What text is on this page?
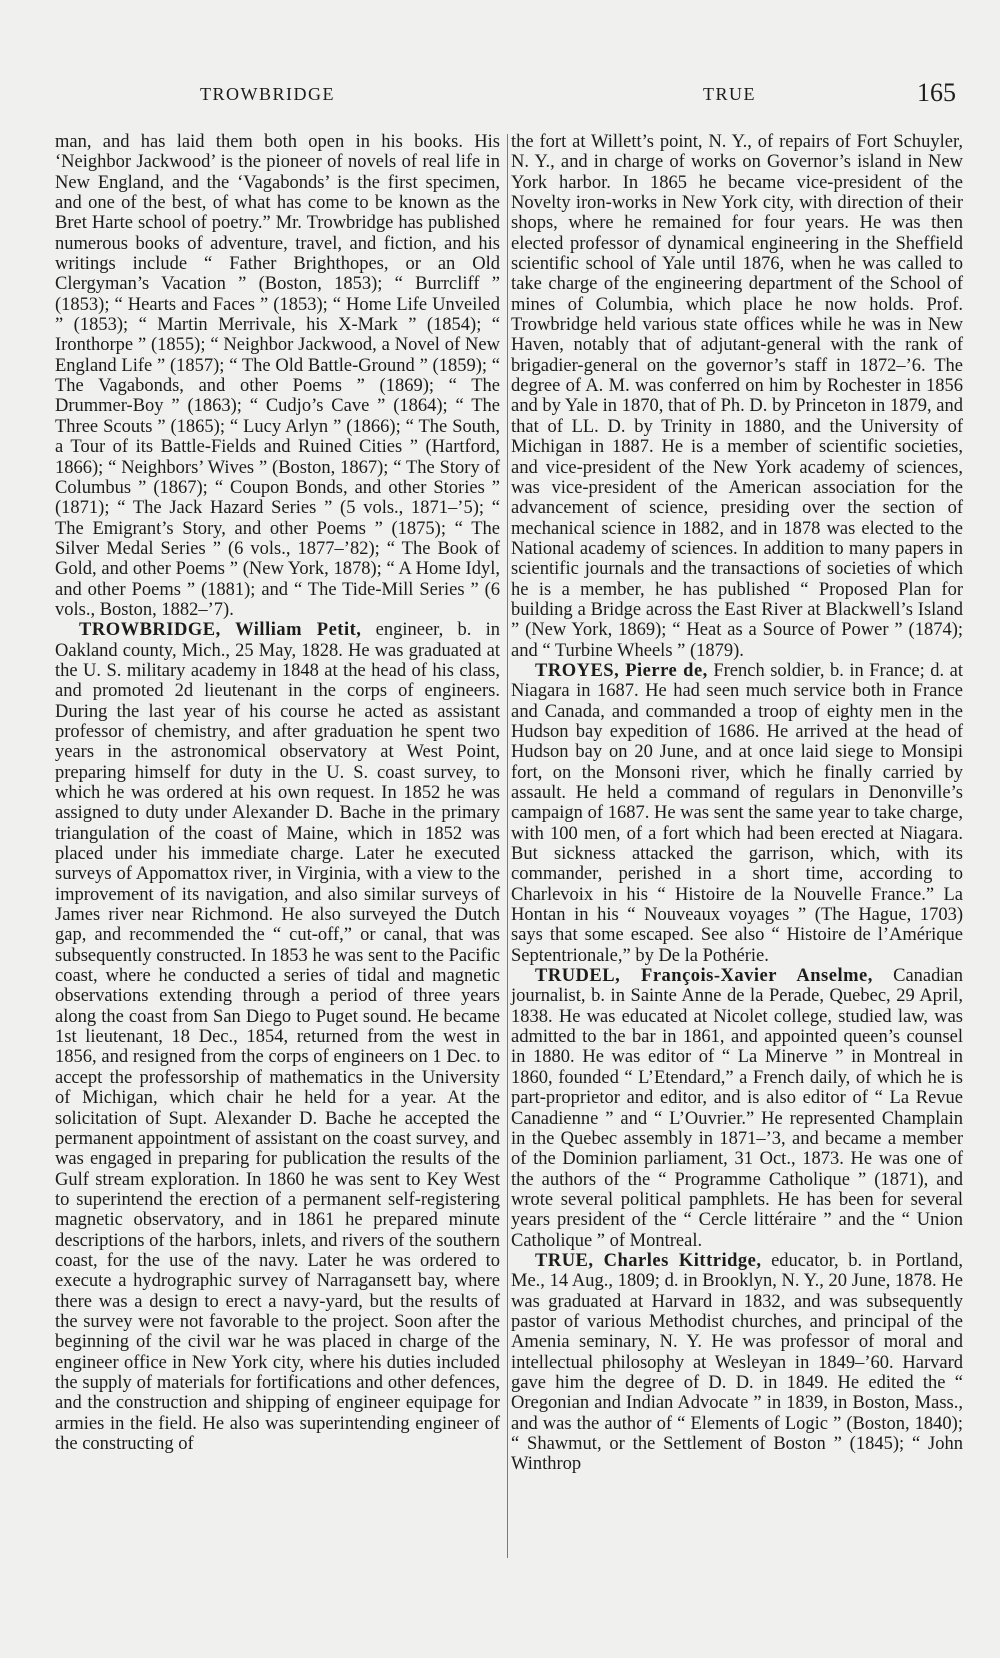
TROWBRIDGE	TRUE	165

man, and has laid them both open in his books. His ‘Neighbor Jackwood’ is the pioneer of novels of real life in New England, and the ‘Vagabonds’ is the first specimen, and one of the best, of what has come to be known as the Bret Harte school of poetry.” Mr. Trowbridge has published numerous books of adventure, travel, and fiction, and his writings include “ Father Brighthopes, or an Old Clergyman’s Vacation ” (Boston, 1853); “ Burrcliff ” (1853); “ Hearts and Faces ” (1853); “ Home Life Unveiled ” (1853); “ Martin Merrivale, his X-Mark ” (1854); “ Ironthorpe ” (1855); “ Neighbor Jackwood, a Novel of New England Life ” (1857); “ The Old Battle-Ground ” (1859); “ The Vagabonds, and other Poems ” (1869); “ The Drummer-Boy ” (1863); “ Cudjo’s Cave ” (1864); “ The Three Scouts ” (1865); “ Lucy Arlyn ” (1866); “ The South, a Tour of its Battle-Fields and Ruined Cities ” (Hartford, 1866); “ Neighbors’ Wives ” (Boston, 1867); “ The Story of Columbus ” (1867); “ Coupon Bonds, and other Stories ” (1871); “ The Jack Hazard Series ” (5 vols., 1871–’5); “ The Emigrant’s Story, and other Poems ” (1875); “ The Silver Medal Series ” (6 vols., 1877–’82); “ The Book of Gold, and other Poems ” (New York, 1878); “ A Home Idyl, and other Poems ” (1881); and “ The Tide-Mill Series ” (6 vols., Boston, 1882–’7).

TROWBRIDGE, William Petit, engineer, b. in Oakland county, Mich., 25 May, 1828. He was graduated at the U. S. military academy in 1848 at the head of his class, and promoted 2d lieutenant in the corps of engineers. During the last year of his course he acted as assistant professor of chemistry, and after graduation he spent two years in the astronomical observatory at West Point, preparing himself for duty in the U. S. coast survey, to which he was ordered at his own request. In 1852 he was assigned to duty under Alexander D. Bache in the primary triangulation of the coast of Maine, which in 1852 was placed under his immediate charge. Later he executed surveys of Appomattox river, in Virginia, with a view to the improvement of its navigation, and also similar surveys of James river near Richmond. He also surveyed the Dutch gap, and recommended the “ cut-off,” or canal, that was subsequently constructed. In 1853 he was sent to the Pacific coast, where he conducted a series of tidal and magnetic observations extending through a period of three years along the coast from San Diego to Puget sound. He became 1st lieutenant, 18 Dec., 1854, returned from the west in 1856, and resigned from the corps of engineers on 1 Dec. to accept the professorship of mathematics in the University of Michigan, which chair he held for a year. At the solicitation of Supt. Alexander D. Bache he accepted the permanent appointment of assistant on the coast survey, and was engaged in preparing for publication the results of the Gulf stream exploration. In 1860 he was sent to Key West to superintend the erection of a permanent self-registering magnetic observatory, and in 1861 he prepared minute descriptions of the harbors, inlets, and rivers of the southern coast, for the use of the navy. Later he was ordered to execute a hydrographic survey of Narragansett bay, where there was a design to erect a navy-yard, but the results of the survey were not favorable to the project. Soon after the beginning of the civil war he was placed in charge of the engineer office in New York city, where his duties included the supply of materials for fortifications and other defences, and the construction and shipping of engineer equipage for armies in the field. He also was superintending engineer of the constructing of

the fort at Willett’s point, N. Y., of repairs of Fort Schuyler, N. Y., and in charge of works on Governor’s island in New York harbor. In 1865 he became vice-president of the Novelty iron-works in New York city, with direction of their shops, where he remained for four years. He was then elected professor of dynamical engineering in the Sheffield scientific school of Yale until 1876, when he was called to take charge of the engineering department of the School of mines of Columbia, which place he now holds. Prof. Trowbridge held various state offices while he was in New Haven, notably that of adjutant-general with the rank of brigadier-general on the governor’s staff in 1872–’6. The degree of A. M. was conferred on him by Rochester in 1856 and by Yale in 1870, that of Ph. D. by Princeton in 1879, and that of LL. D. by Trinity in 1880, and the University of Michigan in 1887. He is a member of scientific societies, and vice-president of the New York academy of sciences, was vice-president of the American association for the advancement of science, presiding over the section of mechanical science in 1882, and in 1878 was elected to the National academy of sciences. In addition to many papers in scientific journals and the transactions of societies of which he is a member, he has published “ Proposed Plan for building a Bridge across the East River at Blackwell’s Island ” (New York, 1869); “ Heat as a Source of Power ” (1874); and “ Turbine Wheels ” (1879).

TROYES, Pierre de, French soldier, b. in France; d. at Niagara in 1687. He had seen much service both in France and Canada, and commanded a troop of eighty men in the Hudson bay expedition of 1686. He arrived at the head of Hudson bay on 20 June, and at once laid siege to Monsipi fort, on the Monsoni river, which he finally carried by assault. He held a command of regulars in Denonville’s campaign of 1687. He was sent the same year to take charge, with 100 men, of a fort which had been erected at Niagara. But sickness attacked the garrison, which, with its commander, perished in a short time, according to Charlevoix in his “ Histoire de la Nouvelle France.” La Hontan in his “ Nouveaux voyages ” (The Hague, 1703) says that some escaped. See also “ Histoire de l’Amérique Septentrionale,” by De la Pothérie.

TRUDEL, François-Xavier Anselme, Canadian journalist, b. in Sainte Anne de la Perade, Quebec, 29 April, 1838. He was educated at Nicolet college, studied law, was admitted to the bar in 1861, and appointed queen’s counsel in 1880. He was editor of “ La Minerve ” in Montreal in 1860, founded “ L’Etendard,” a French daily, of which he is part-proprietor and editor, and is also editor of “ La Revue Canadienne ” and “ L’Ouvrier.” He represented Champlain in the Quebec assembly in 1871–’3, and became a member of the Dominion parliament, 31 Oct., 1873. He was one of the authors of the “ Programme Catholique ” (1871), and wrote several political pamphlets. He has been for several years president of the “ Cercle littéraire ” and the “ Union Catholique ” of Montreal.

TRUE, Charles Kittridge, educator, b. in Portland, Me., 14 Aug., 1809; d. in Brooklyn, N. Y., 20 June, 1878. He was graduated at Harvard in 1832, and was subsequently pastor of various Methodist churches, and principal of the Amenia seminary, N. Y. He was professor of moral and intellectual philosophy at Wesleyan in 1849–’60. Harvard gave him the degree of D. D. in 1849. He edited the “ Oregonian and Indian Advocate ” in 1839, in Boston, Mass., and was the author of “ Elements of Logic ” (Boston, 1840); “ Shawmut, or the Settlement of Boston ” (1845); “ John Winthrop
